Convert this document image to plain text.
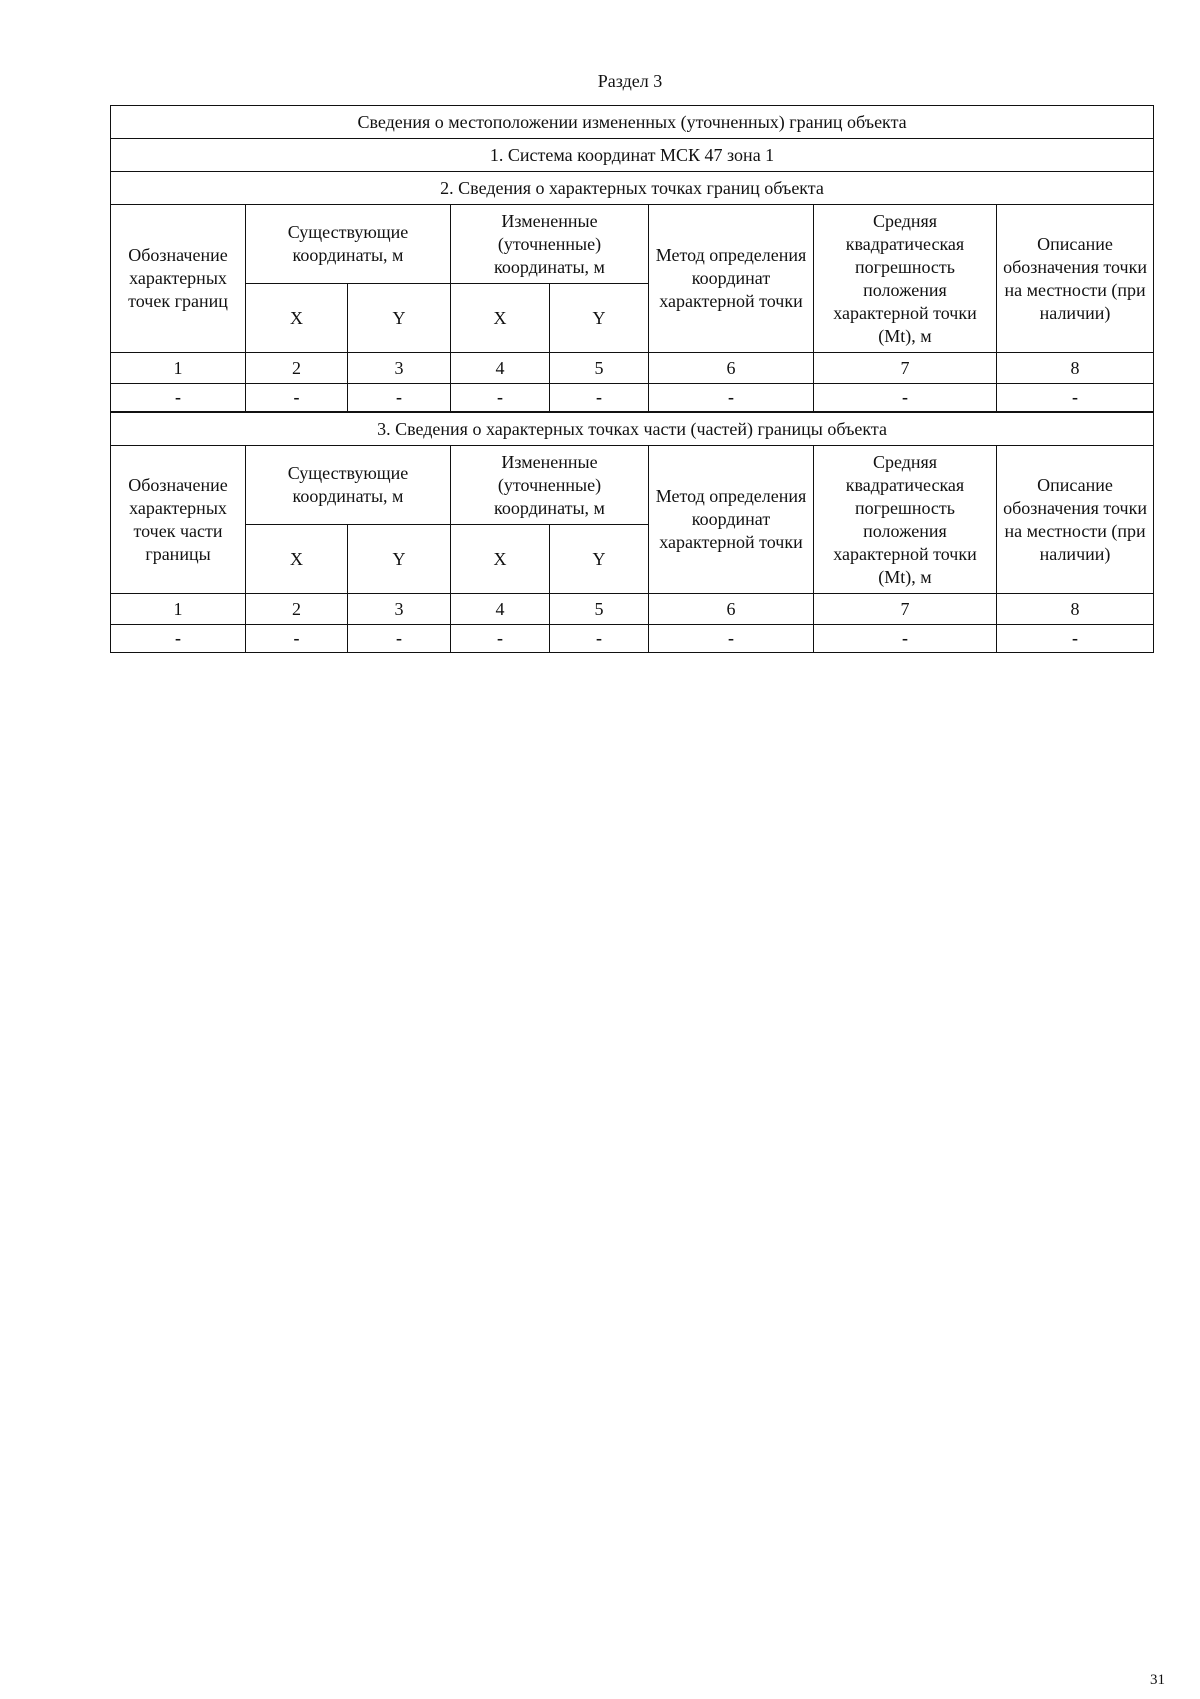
Раздел 3
Сведения о местоположении измененных (уточненных) границ объекта							
1. Система координат МСК 47 зона 1							
2. Сведения о характерных точках границ объекта							
Обозначение характерных точек границ	Существующие координаты, м		Измененные (уточненные) координаты, м		Метод определения координат характерной точки	Средняя квадратическая погрешность положения характерной точки (Mt), м	Описание обозначения точки на местности (при наличии)
	X	Y	X	Y			
1	2	3	4	5	6	7	8
-	-	-	-	-	-	-	-
3. Сведения о характерных точках части (частей) границы объекта							
Обозначение характерных точек части границы	Существующие координаты, м		Измененные (уточненные) координаты, м		Метод определения координат характерной точки	Средняя квадратическая погрешность положения характерной точки (Mt), м	Описание обозначения точки на местности (при наличии)
	X	Y	X	Y			
1	2	3	4	5	6	7	8
-	-	-	-	-	-	-	-
31
